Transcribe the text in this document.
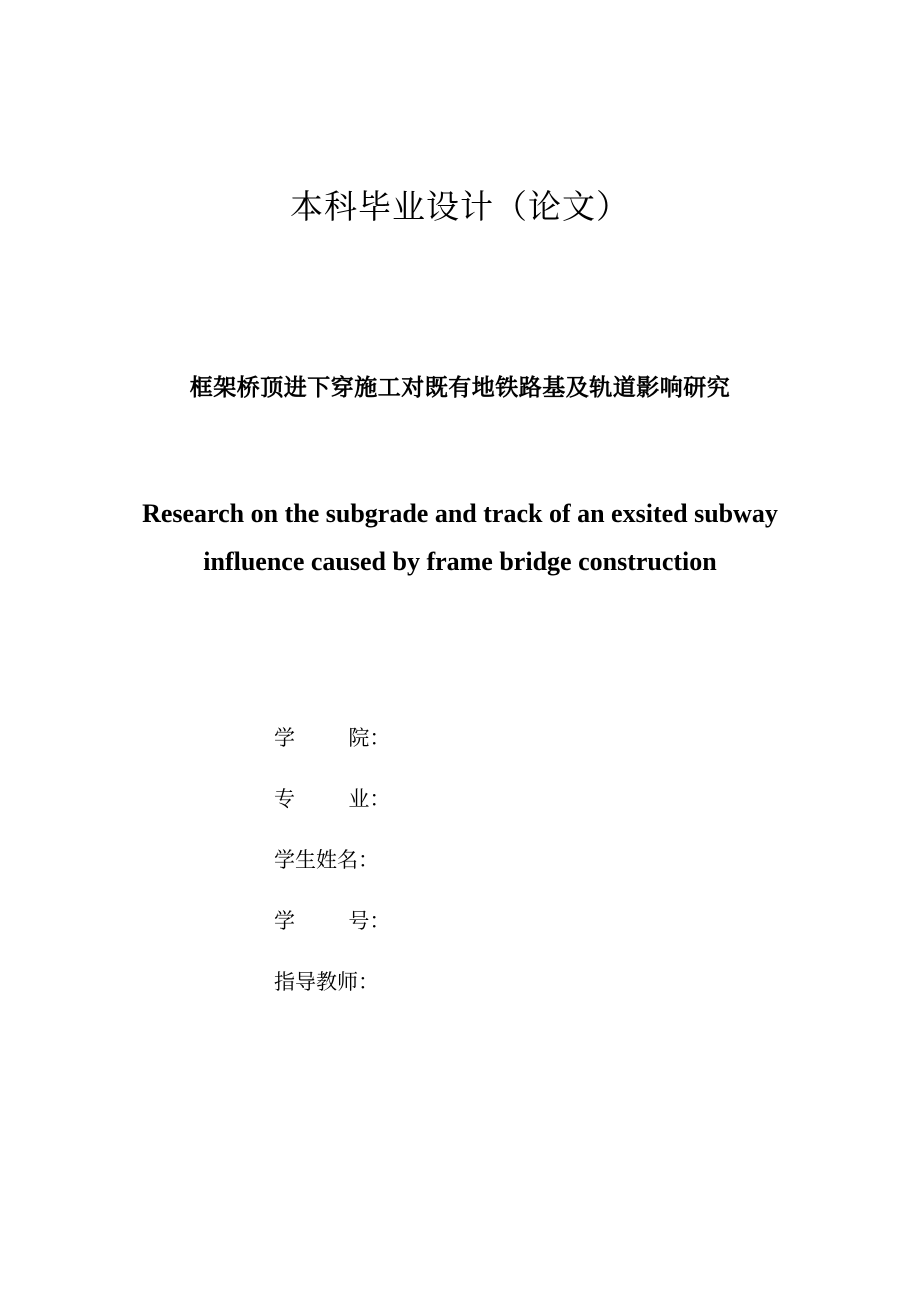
本科毕业设计（论文）
框架桥顶进下穿施工对既有地铁路基及轨道影响研究
Research on the subgrade and track of an exsited subway
influence caused by frame bridge construction
学        院：
专        业：
学生姓名：
学        号：
指导教师：
